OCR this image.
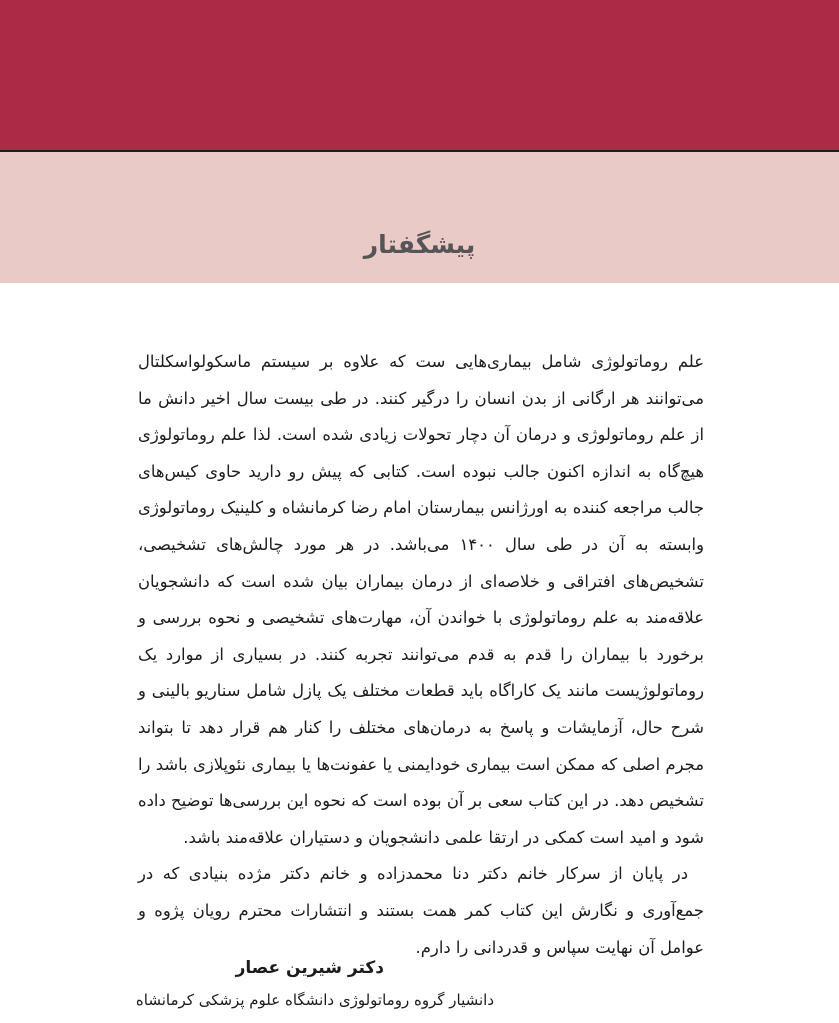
پیشگفتار

علم روماتولوژی شامل بیماری‌هایی ست که علاوه بر سیستم ماسکولواسکلتال می‌توانند هر ارگانی از بدن انسان را درگیر کنند. در طی بیست سال اخیر دانش ما از علم روماتولوژی و درمان آن دچار تحولات زیادی شده است. لذا علم روماتولوژی هیچ‌گاه به اندازه اکنون جالب نبوده است. کتابی که پیش رو دارید حاوی کیس‌های جالب مراجعه کننده به اورژانس بیمارستان امام رضا کرمانشاه و کلینیک روماتولوژی وابسته به آن در طی سال ۱۴۰۰ می‌باشد. در هر مورد چالش‌های تشخیصی، تشخیص‌های افتراقی و خلاصه‌ای از درمان بیماران بیان شده است که دانشجویان علاقه‌مند به علم روماتولوژی با خواندن آن، مهارت‌های تشخیصی و نحوه بررسی و برخورد با بیماران را قدم به قدم می‌توانند تجربه کنند. در بسیاری از موارد یک روماتولوژیست مانند یک کاراگاه باید قطعات مختلف یک پازل شامل سناریو بالینی و شرح حال، آزمایشات و پاسخ به درمان‌های مختلف را کنار هم قرار دهد تا بتواند مجرم اصلی که ممکن است بیماری خودایمنی یا عفونت‌ها یا بیماری نئوپلازی باشد را تشخیص دهد. در این کتاب سعی بر آن بوده است که نحوه این بررسی‌ها توضیح داده شود و امید است کمکی در ارتقا علمی دانشجویان و دستیاران علاقه‌مند باشد.

در پایان از سرکار خانم دکتر دنا محمدزاده و خانم دکتر مژده بنیادی که در جمع‌آوری و نگارش این کتاب کمر همت بستند و انتشارات محترم رویان پژوه و عوامل آن نهایت سپاس و قدردانی را دارم.

دکتر شیرین عصار
دانشیار گروه روماتولوژی دانشگاه علوم پزشکی کرمانشاه
